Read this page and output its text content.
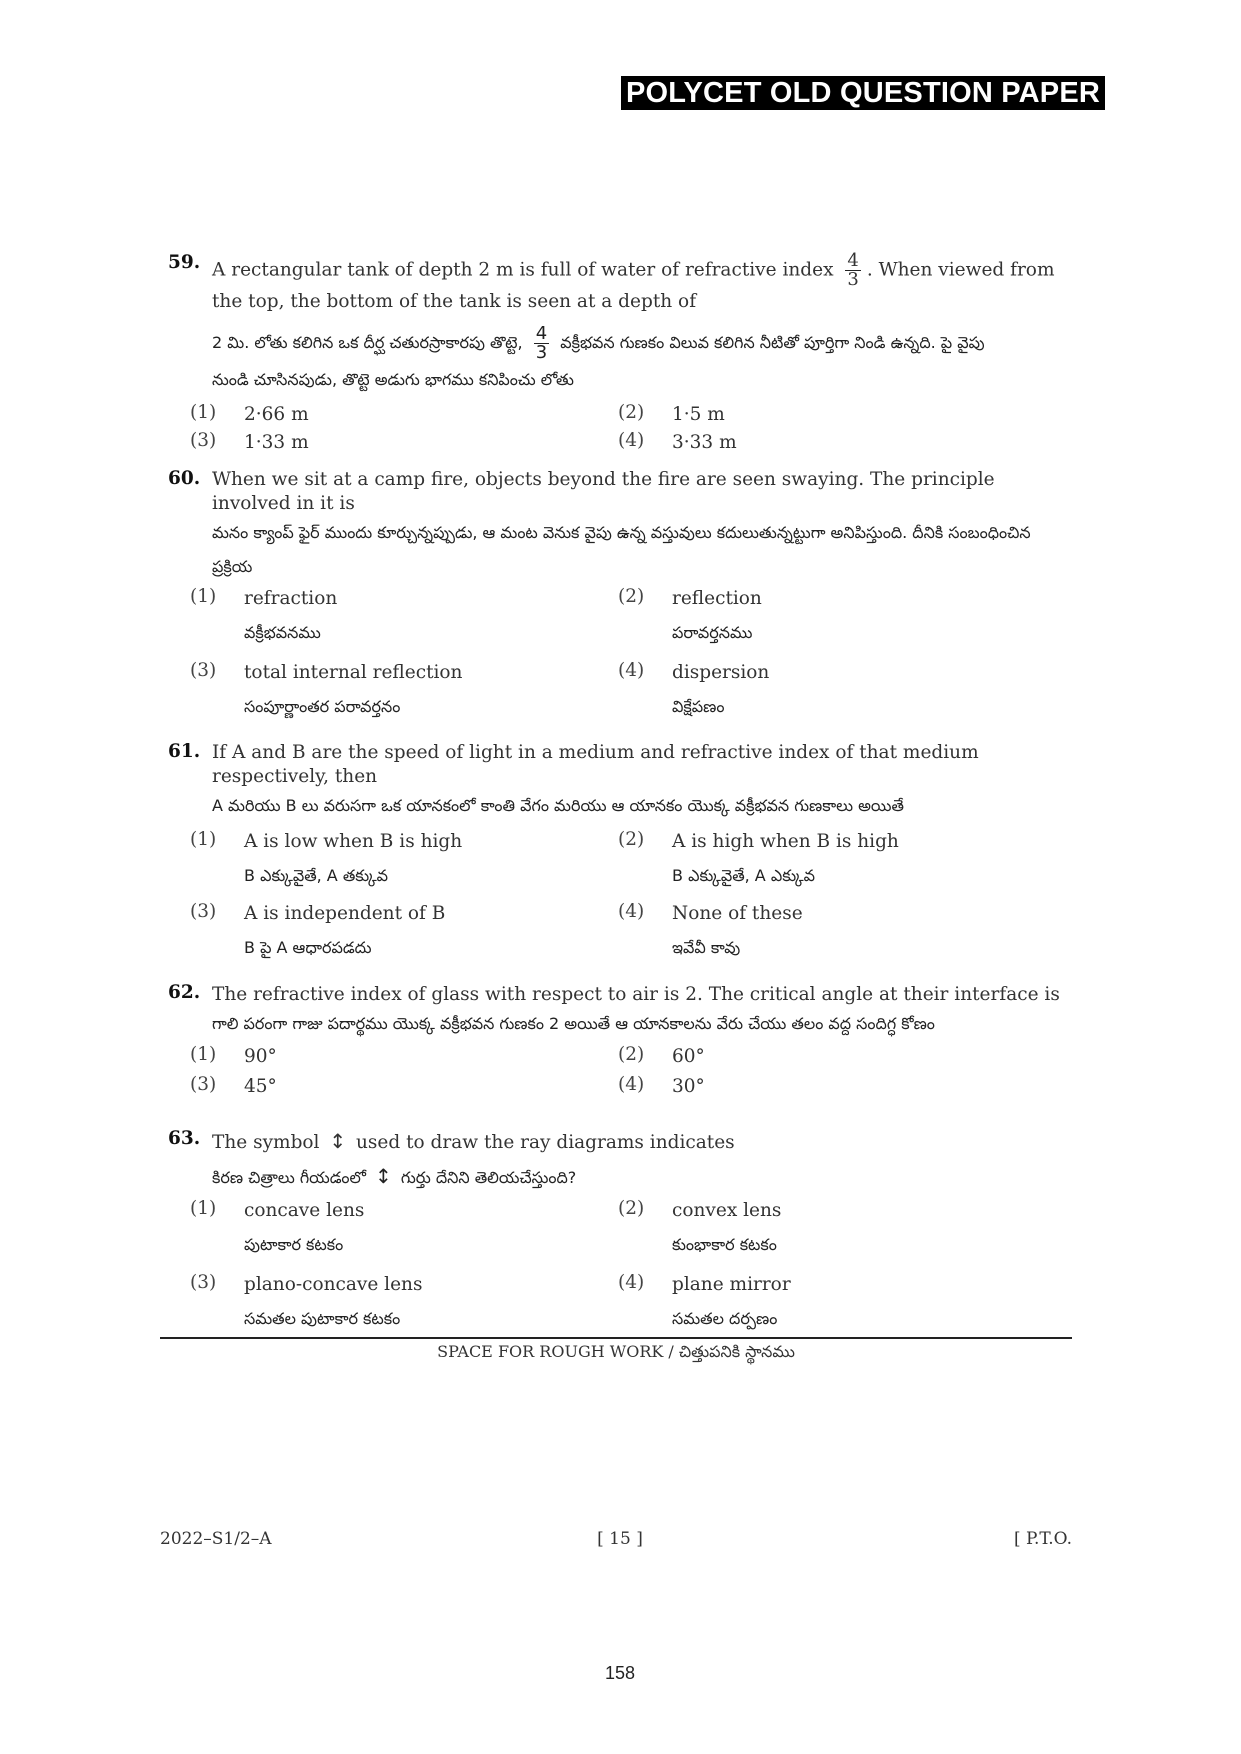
POLYCET OLD QUESTION PAPER
59. A rectangular tank of depth 2 m is full of water of refractive index $\frac{4}{3}$ . When viewed from the top, the bottom of the tank is seen at a depth of
2 మి. లోతు కలిగిన ఒక దీర్ఘ చతురస్రాకారపు తొట్టె, $\frac{4}{3}$ వక్రీభవన గుణకం విలువ కలిగిన నీటితో పూర్తిగా నిండి ఉన్నది. పై వైపు
నుండి చూసినపుడు, తొట్టె అడుగు భాగము కనిపించు లోతు
(1)	2·66 m	(2)	1·5 m
(3)	1·33 m	(4)	3·33 m
60. When we sit at a camp fire, objects beyond the fire are seen swaying. The principle involved in it is
మనం క్యాంప్ ఫైర్ ముందు కూర్చున్నప్పుడు, ఆ మంట వెనుక వైపు ఉన్న వస్తువులు కదులుతున్నట్టుగా అనిపిస్తుంది. దీనికి సంబంధించిన ప్రక్రియ
(1)	refraction
వక్రీభవనము
(2)	reflection
పరావర్తనము
(3)	total internal reflection
సంపూర్ణాంతర పరావర్తనం
(4)	dispersion
విక్షేపణం
61. If A and B are the speed of light in a medium and refractive index of that medium respectively, then
A మరియు B లు వరుసగా ఒక యానకంలో కాంతి వేగం మరియు ఆ యానకం యొక్క వక్రీభవన గుణకాలు అయితే
(1)	A is low when B is high
B ఎక్కువైతే, A తక్కువ
(2)	A is high when B is high
B ఎక్కువైతే, A ఎక్కువ
(3)	A is independent of B
B పై A ఆధారపడదు
(4)	None of these
ఇవేవీ కావు
62. The refractive index of glass with respect to air is 2. The critical angle at their interface is
గాలి పరంగా గాజు పదార్థము యొక్క వక్రీభవన గుణకం 2 అయితే ఆ యానకాలను వేరు చేయు తలం వద్ద సందిగ్ధ కోణం
(1)	90°	(2)	60°
(3)	45°	(4)	30°
63. The symbol ↕ used to draw the ray diagrams indicates
కిరణ చిత్రాలు గీయడంలో ↕ గుర్తు దేనిని తెలియచేస్తుంది?
(1)	concave lens
పుటాకార కటకం
(2)	convex lens
కుంభాకార కటకం
(3)	plano-concave lens
సమతల పుటాకార కటకం
(4)	plane mirror
సమతల దర్పణం
SPACE FOR ROUGH WORK / చిత్తుపనికి స్థానము
2022–S1/2–A	[ 15 ]	[ P.T.O.
158
